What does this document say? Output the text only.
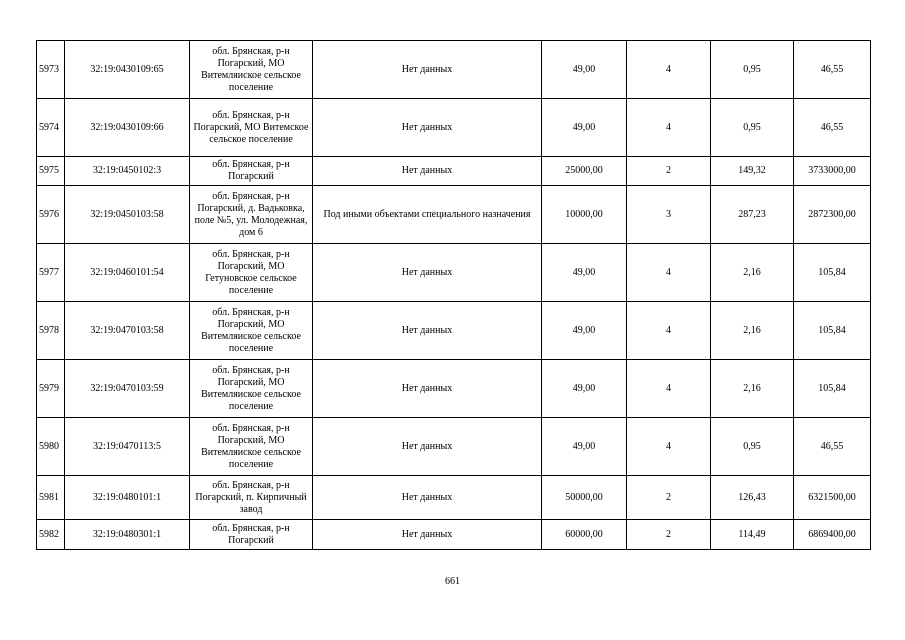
5973	32:19:0430109:65	обл. Брянская, р-н Погарский, МО Витемляиское сельское поселение	Нет данных	49,00	4	0,95	46,55
5974	32:19:0430109:66	обл. Брянская, р-н Погарский, МО Витемское сельское поселение	Нет данных	49,00	4	0,95	46,55
5975	32:19:0450102:3	обл. Брянская, р-н Погарский	Нет данных	25000,00	2	149,32	3733000,00
5976	32:19:0450103:58	обл. Брянская, р-н Погарский, д. Вадьковка, поле №5, ул. Молодежная, дом 6	Под иными объектами специального назначения	10000,00	3	287,23	2872300,00
5977	32:19:0460101:54	обл. Брянская, р-н Погарский, МО Гетуновское сельское поселение	Нет данных	49,00	4	2,16	105,84
5978	32:19:0470103:58	обл. Брянская, р-н Погарский, МО Витемляиское сельское поселение	Нет данных	49,00	4	2,16	105,84
5979	32:19:0470103:59	обл. Брянская, р-н Погарский, МО Витемляиское сельское поселение	Нет данных	49,00	4	2,16	105,84
5980	32:19:0470113:5	обл. Брянская, р-н Погарский, МО Витемляиское сельское поселение	Нет данных	49,00	4	0,95	46,55
5981	32:19:0480101:1	обл. Брянская, р-н Погарский, п. Кирпичный завод	Нет данных	50000,00	2	126,43	6321500,00
5982	32:19:0480301:1	обл. Брянская, р-н Погарский	Нет данных	60000,00	2	114,49	6869400,00
661
